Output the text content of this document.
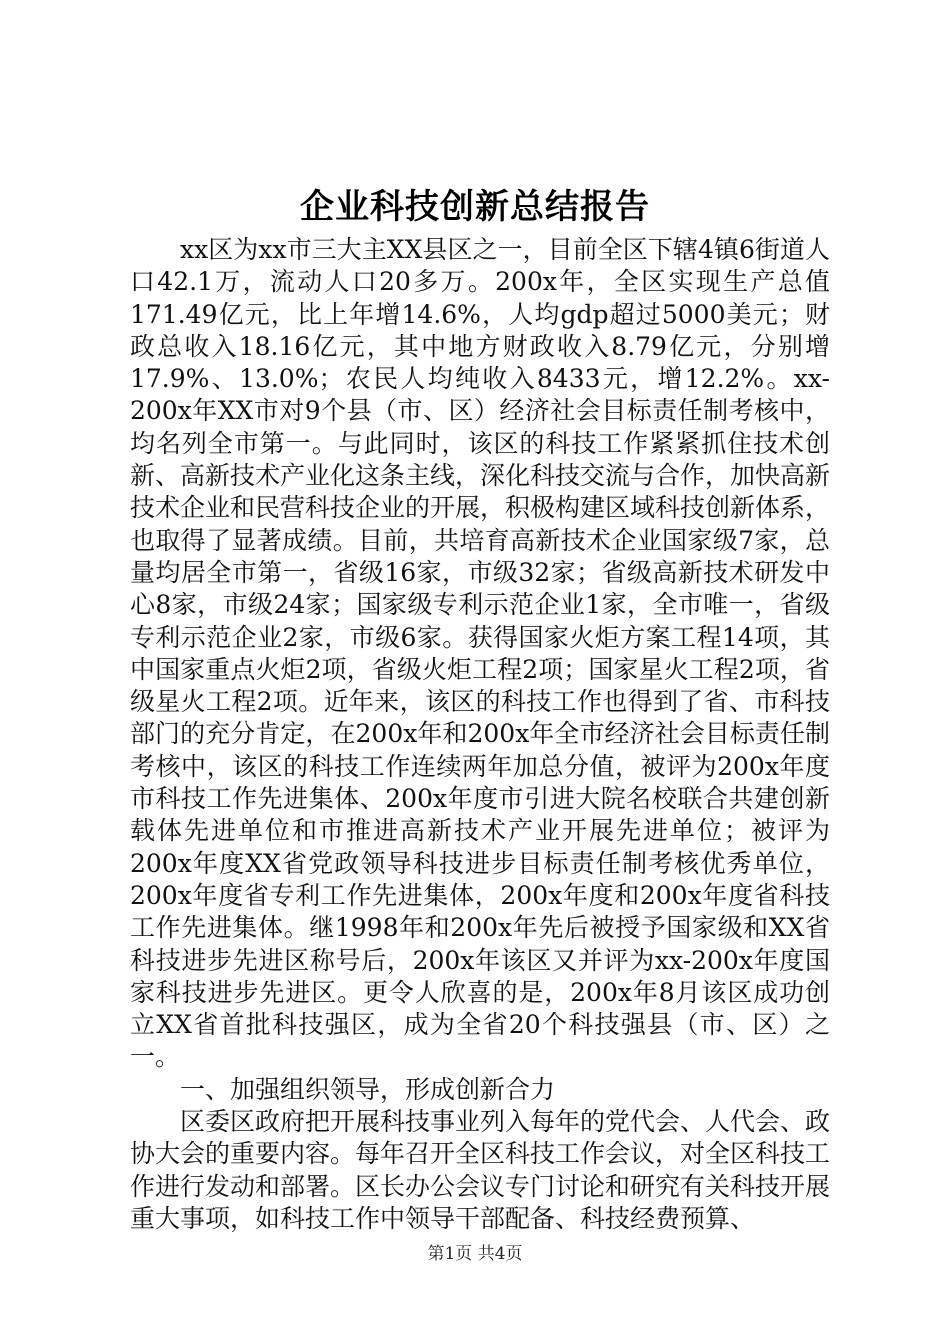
企业科技创新总结报告

xx区为xx市三大主XX县区之一，目前全区下辖4镇6街道人口42.1万，流动人口20多万。200x年，全区实现生产总值171.49亿元，比上年增14.6%，人均gdp超过5000美元；财政总收入18.16亿元，其中地方财政收入8.79亿元，分别增17.9%、13.0%；农民人均纯收入8433元，增12.2%。xx-200x年XX市对9个县（市、区）经济社会目标责任制考核中，均名列全市第一。与此同时，该区的科技工作紧紧抓住技术创新、高新技术产业化这条主线，深化科技交流与合作，加快高新技术企业和民营科技企业的开展，积极构建区域科技创新体系，也取得了显著成绩。目前，共培育高新技术企业国家级7家，总量均居全市第一，省级16家，市级32家；省级高新技术研发中心8家，市级24家；国家级专利示范企业1家，全市唯一，省级专利示范企业2家，市级6家。获得国家火炬方案工程14项，其中国家重点火炬2项，省级火炬工程2项；国家星火工程2项，省级星火工程2项。近年来，该区的科技工作也得到了省、市科技部门的充分肯定，在200x年和200x年全市经济社会目标责任制考核中，该区的科技工作连续两年加总分值，被评为200x年度市科技工作先进集体、200x年度市引进大院名校联合共建创新载体先进单位和市推进高新技术产业开展先进单位；被评为200x年度XX省党政领导科技进步目标责任制考核优秀单位，200x年度省专利工作先进集体，200x年度和200x年度省科技工作先进集体。继1998年和200x年先后被授予国家级和XX省科技进步先进区称号后，200x年该区又并评为xx-200x年度国家科技进步先进区。更令人欣喜的是，200x年8月该区成功创立XX省首批科技强区，成为全省20个科技强县（市、区）之一。

一、加强组织领导，形成创新合力

区委区政府把开展科技事业列入每年的党代会、人代会、政协大会的重要内容。每年召开全区科技工作会议，对全区科技工作进行发动和部署。区长办公会议专门讨论和研究有关科技开展重大事项，如科技工作中领导干部配备、科技经费预算、

第1页 共4页
